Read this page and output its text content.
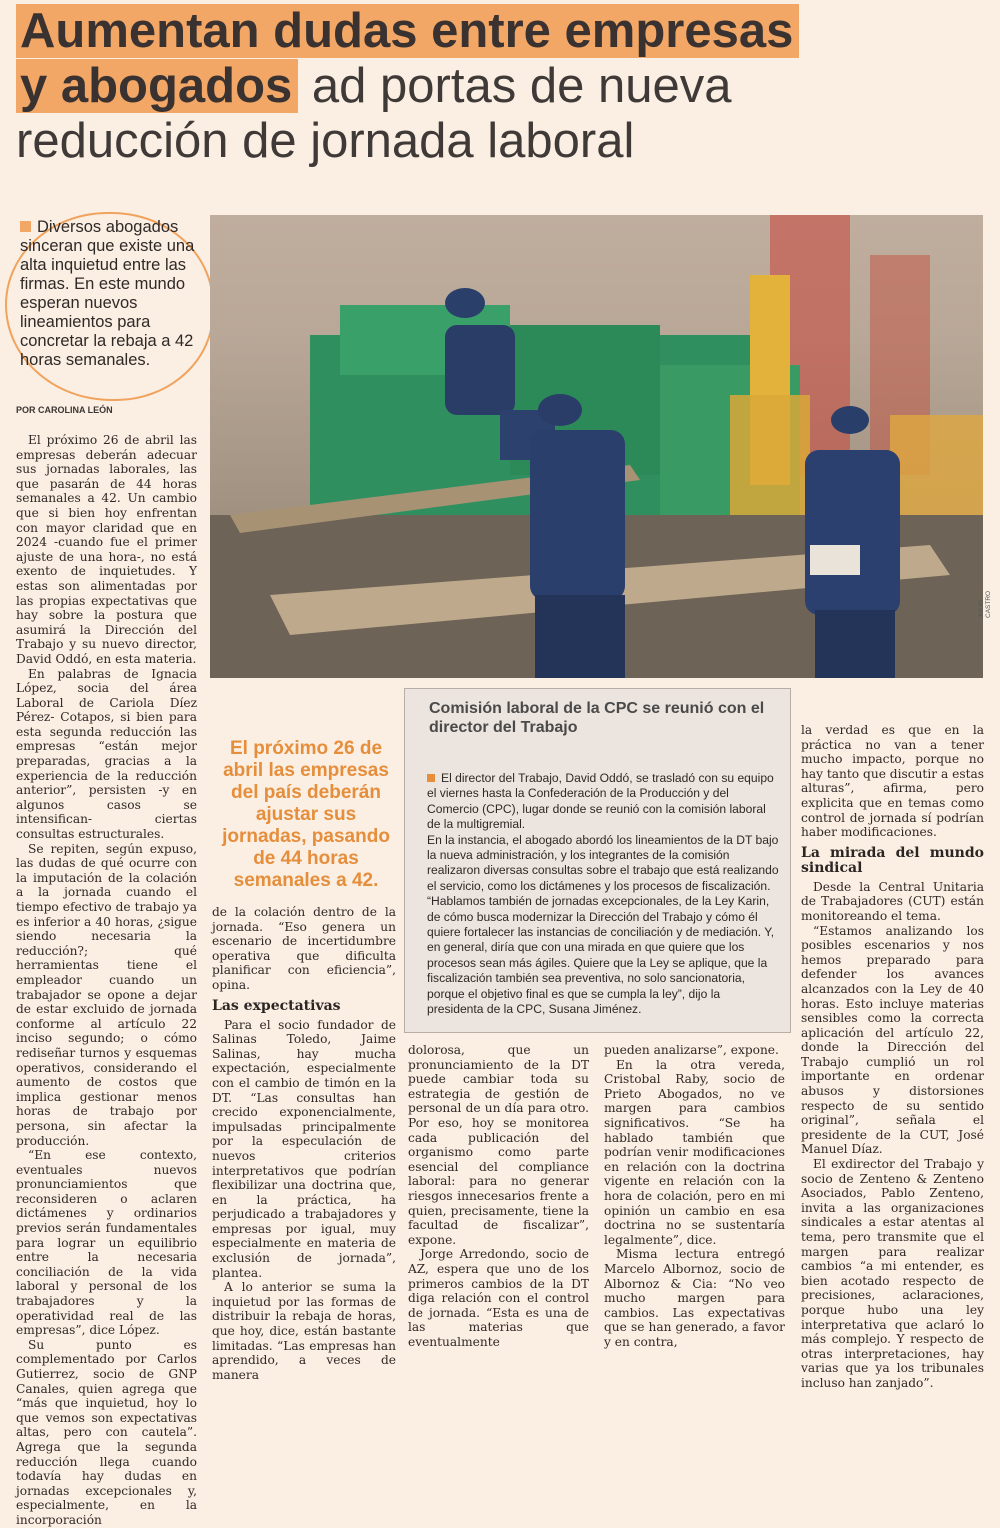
Aumentan dudas entre empresas
y abogados ad portas de nueva
reducción de jornada laboral
Diversos abogados sinceran que existe una alta inquietud entre las firmas. En este mundo esperan nuevos lineamientos para concretar la rebaja a 42 horas semanales.
POR CAROLINA LEÓN
JULIO CASTRO

El próximo 26 de abril las empresas deberán adecuar sus jornadas laborales, las que pasarán de 44 horas semanales a 42. Un cambio que si bien hoy enfrentan con mayor claridad que en 2024 -cuando fue el primer ajuste de una hora-, no está exento de inquietudes. Y estas son alimentadas por las propias expectativas que hay sobre la postura que asumirá la Dirección del Trabajo y su nuevo director, David Oddó, en esta materia.

En palabras de Ignacia López, socia del área Laboral de Cariola Díez Pérez- Cotapos, si bien para esta segunda reducción las empresas “están mejor preparadas, gracias a la experiencia de la reducción anterior”, persisten -y en algunos casos se intensifican- ciertas consultas estructurales.

Se repiten, según expuso, las dudas de qué ocurre con la imputación de la colación a la jornada cuando el tiempo efectivo de trabajo ya es inferior a 40 horas, ¿sigue siendo necesaria la reducción?; qué herramientas tiene el empleador cuando un trabajador se opone a dejar de estar excluido de jornada conforme al artículo 22 inciso segundo; o cómo rediseñar turnos y esquemas operativos, considerando el aumento de costos que implica gestionar menos horas de trabajo por persona, sin afectar la producción.

“En ese contexto, eventuales nuevos pronunciamientos que reconsideren o aclaren dictámenes y ordinarios previos serán fundamentales para lograr un equilibrio entre la necesaria conciliación de la vida laboral y personal de los trabajadores y la operatividad real de las empresas”, dice López.

Su punto es complementado por Carlos Gutierrez, socio de GNP Canales, quien agrega que “más que inquietud, hoy lo que vemos son expectativas altas, pero con cautela”. Agrega que la segunda reducción llega cuando todavía hay dudas en jornadas excepcionales y, especialmente, en la incorporación

El próximo 26 de abril las empresas del país deberán ajustar sus jornadas, pasando de 44 horas semanales a 42.

de la colación dentro de la jornada. “Eso genera un escenario de incertidumbre operativa que dificulta planificar con eficiencia”, opina.

Las expectativas

Para el socio fundador de Salinas Toledo, Jaime Salinas, hay mucha expectación, especialmente con el cambio de timón en la DT. “Las consultas han crecido exponencialmente, impulsadas principalmente por la especulación de nuevos criterios interpretativos que podrían flexibilizar una doctrina que, en la práctica, ha perjudicado a trabajadores y empresas por igual, muy especialmente en materia de exclusión de jornada”, plantea.

A lo anterior se suma la inquietud por las formas de distribuir la rebaja de horas, que hoy, dice, están bastante limitadas. “Las empresas han aprendido, a veces de manera

Comisión laboral de la CPC se reunió con el director del Trabajo

El director del Trabajo, David Oddó, se trasladó con su equipo el viernes hasta la Confederación de la Producción y del Comercio (CPC), lugar donde se reunió con la comisión laboral de la multigremial.

En la instancia, el abogado abordó los lineamientos de la DT bajo la nueva administración, y los integrantes de la comisión realizaron diversas consultas sobre el trabajo que está realizando el servicio, como los dictámenes y los procesos de fiscalización.

“Hablamos también de jornadas excepcionales, de la Ley Karin, de cómo busca modernizar la Dirección del Trabajo y cómo él quiere fortalecer las instancias de conciliación y de mediación. Y, en general, diría que con una mirada en que quiere que los procesos sean más ágiles. Quiere que la Ley se aplique, que la fiscalización también sea preventiva, no solo sancionatoria, porque el objetivo final es que se cumpla la ley”, dijo la presidenta de la CPC, Susana Jiménez.

dolorosa, que un pronunciamiento de la DT puede cambiar toda su estrategia de gestión de personal de un día para otro. Por eso, hoy se monitorea cada publicación del organismo como parte esencial del compliance laboral: para no generar riesgos innecesarios frente a quien, precisamente, tiene la facultad de fiscalizar”, expone.

Jorge Arredondo, socio de AZ, espera que uno de los primeros cambios de la DT diga relación con el control de jornada. “Esta es una de las materias que eventualmente

pueden analizarse”, expone.

En la otra vereda, Cristobal Raby, socio de Prieto Abogados, no ve margen para cambios significativos. “Se ha hablado también que podrían venir modificaciones en relación con la doctrina vigente en relación con la hora de colación, pero en mi opinión un cambio en esa doctrina no se sustentaría legalmente”, dice.

Misma lectura entregó Marcelo Albornoz, socio de Albornoz & Cia: “No veo mucho margen para cambios. Las expectativas que se han generado, a favor y en contra,

la verdad es que en la práctica no van a tener mucho impacto, porque no hay tanto que discutir a estas alturas”, afirma, pero explicita que en temas como control de jornada sí podrían haber modificaciones.

La mirada del mundo sindical

Desde la Central Unitaria de Trabajadores (CUT) están monitoreando el tema.

“Estamos analizando los posibles escenarios y nos hemos preparado para defender los avances alcanzados con la Ley de 40 horas. Esto incluye materias sensibles como la correcta aplicación del artículo 22, donde la Dirección del Trabajo cumplió un rol importante en ordenar abusos y distorsiones respecto de su sentido original”, señala el presidente de la CUT, José Manuel Díaz.

El exdirector del Trabajo y socio de Zenteno & Zenteno Asociados, Pablo Zenteno, invita a las organizaciones sindicales a estar atentas al tema, pero transmite que el margen para realizar cambios “a mi entender, es bien acotado respecto de precisiones, aclaraciones, porque hubo una ley interpretativa que aclaró lo más complejo. Y respecto de otras interpretaciones, hay varias que ya los tribunales incluso han zanjado”.
